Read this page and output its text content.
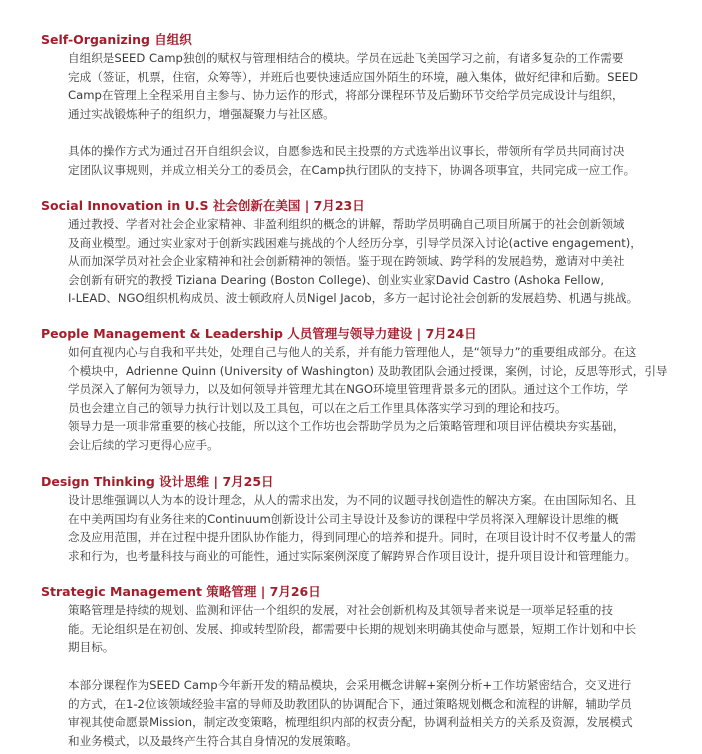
Self-Organizing 自组织

自组织是SEED Camp独创的赋权与管理相结合的模块。学员在远赴飞美国学习之前，有诸多复杂的工作需要
完成（签证，机票，住宿，众筹等），并班后也要快速适应国外陌生的环境，融入集体，做好纪律和后勤。SEED
Camp在管理上全程采用自主参与、协力运作的形式，将部分课程环节及后勤环节交给学员完成设计与组织，
通过实战锻炼种子的组织力，增强凝聚力与社区感。

具体的操作方式为通过召开自组织会议，自愿参选和民主投票的方式选举出议事长，带领所有学员共同商讨决
定团队议事规则，并成立相关分工的委员会，在Camp执行团队的支持下，协调各项事宜，共同完成一应工作。

Social Innovation in U.S 社会创新在美国 | 7月23日

通过教授、学者对社会企业家精神、非盈利组织的概念的讲解，帮助学员明确自己项目所属于的社会创新领域
及商业模型。通过实业家对于创新实践困难与挑战的个人经历分享，引导学员深入讨论(active engagement)，
从而加深学员对社会企业家精神和社会创新精神的领悟。鉴于现在跨领域、跨学科的发展趋势，邀请对中美社
会创新有研究的教授 Tiziana Dearing (Boston College)、创业实业家David Castro (Ashoka Fellow,
I-LEAD、NGO组织机构成员、波士顿政府人员Nigel Jacob，多方一起讨论社会创新的发展趋势、机遇与挑战。

People Management & Leadership 人员管理与领导力建设 | 7月24日

如何直视内心与自我和平共处，处理自己与他人的关系，并有能力管理他人，是“领导力”的重要组成部分。在这
个模块中，Adrienne Quinn (University of Washington) 及助教团队会通过授课，案例，讨论，反思等形式，引导
学员深入了解何为领导力，以及如何领导并管理尤其在NGO环境里管理背景多元的团队。通过这个工作坊，学
员也会建立自己的领导力执行计划以及工具包，可以在之后工作里具体落实学习到的理论和技巧。
领导力是一项非常重要的核心技能，所以这个工作坊也会帮助学员为之后策略管理和项目评估模块夯实基础，
会让后续的学习更得心应手。

Design Thinking 设计思维 | 7月25日

设计思维强调以人为本的设计理念，从人的需求出发，为不同的议题寻找创造性的解决方案。在由国际知名、且
在中美两国均有业务往来的Continuum创新设计公司主导设计及参访的课程中学员将深入理解设计思维的概
念及应用范围，并在过程中提升团队协作能力，得到同理心的培养和提升。同时，在项目设计时不仅考量人的需
求和行为，也考量科技与商业的可能性，通过实际案例深度了解跨界合作项目设计，提升项目设计和管理能力。

Strategic Management 策略管理 | 7月26日

策略管理是持续的规划、监测和评估一个组织的发展，对社会创新机构及其领导者来说是一项举足轻重的技
能。无论组织是在初创、发展、抑或转型阶段，都需要中长期的规划来明确其使命与愿景，短期工作计划和中长
期目标。

本部分课程作为SEED Camp今年新开发的精品模块，会采用概念讲解+案例分析+工作坊紧密结合，交叉进行
的方式，在1-2位该领域经验丰富的导师及助教团队的协调配合下，通过策略规划概念和流程的讲解，辅助学员
审视其使命愿景Mission，制定改变策略，梳理组织内部的权责分配，协调利益相关方的关系及资源，发展模式
和业务模式，以及最终产生符合其自身情况的发展策略。
